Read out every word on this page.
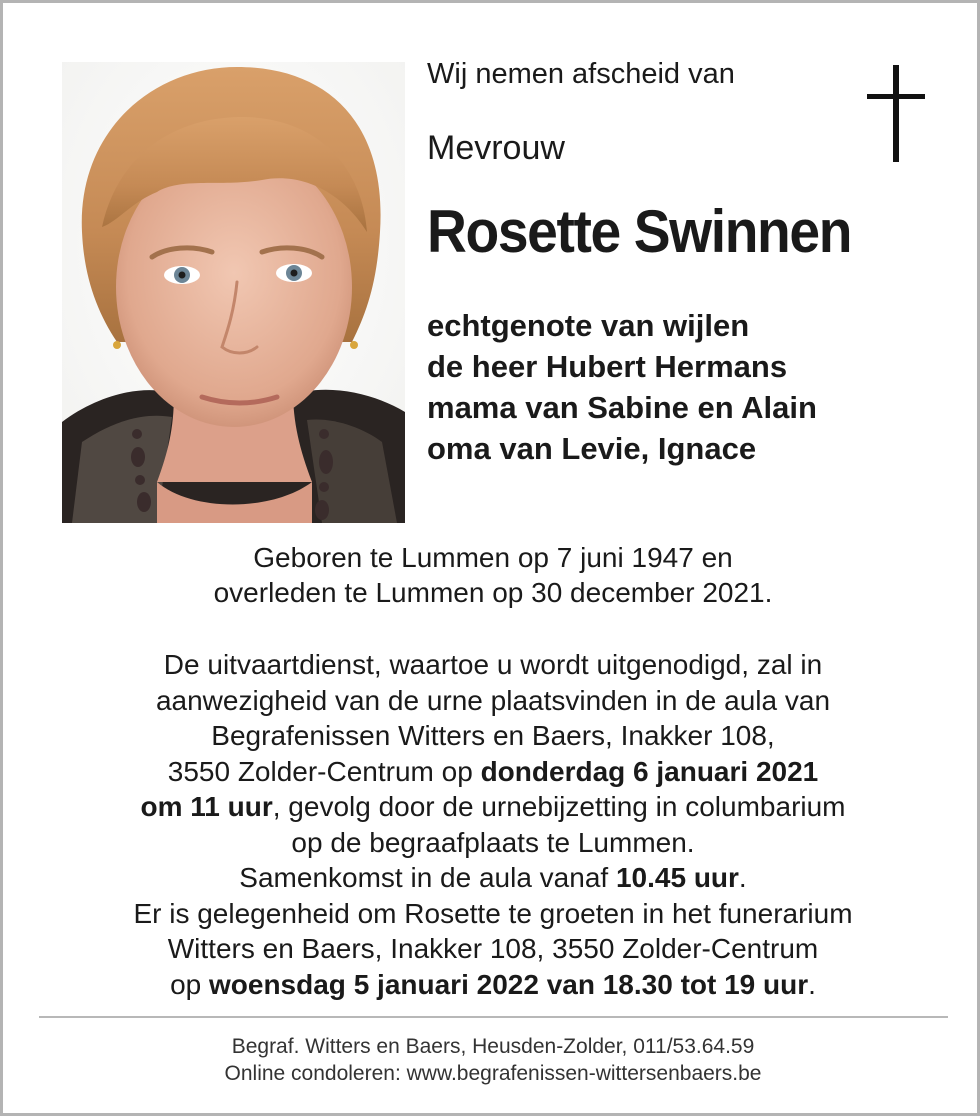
Wij nemen afscheid van
Mevrouw
Rosette Swinnen
echtgenote van wijlen
de heer Hubert Hermans
mama van Sabine en Alain
oma van Levie, Ignace
Geboren te Lummen op 7 juni 1947 en
overleden te Lummen op 30 december 2021.
De uitvaartdienst, waartoe u wordt uitgenodigd, zal in
aanwezigheid van de urne plaatsvinden in de aula van
Begrafenissen Witters en Baers, Inakker 108,
3550 Zolder-Centrum op donderdag 6 januari 2021
om 11 uur, gevolg door de urnebijzetting in columbarium
op de begraafplaats te Lummen.
Samenkomst in de aula vanaf 10.45 uur.
Er is gelegenheid om Rosette te groeten in het funerarium
Witters en Baers, Inakker 108, 3550 Zolder-Centrum
op woensdag 5 januari 2022 van 18.30 tot 19 uur.
Begraf. Witters en Baers, Heusden-Zolder, 011/53.64.59
Online condoleren: www.begrafenissen-wittersenbaers.be
